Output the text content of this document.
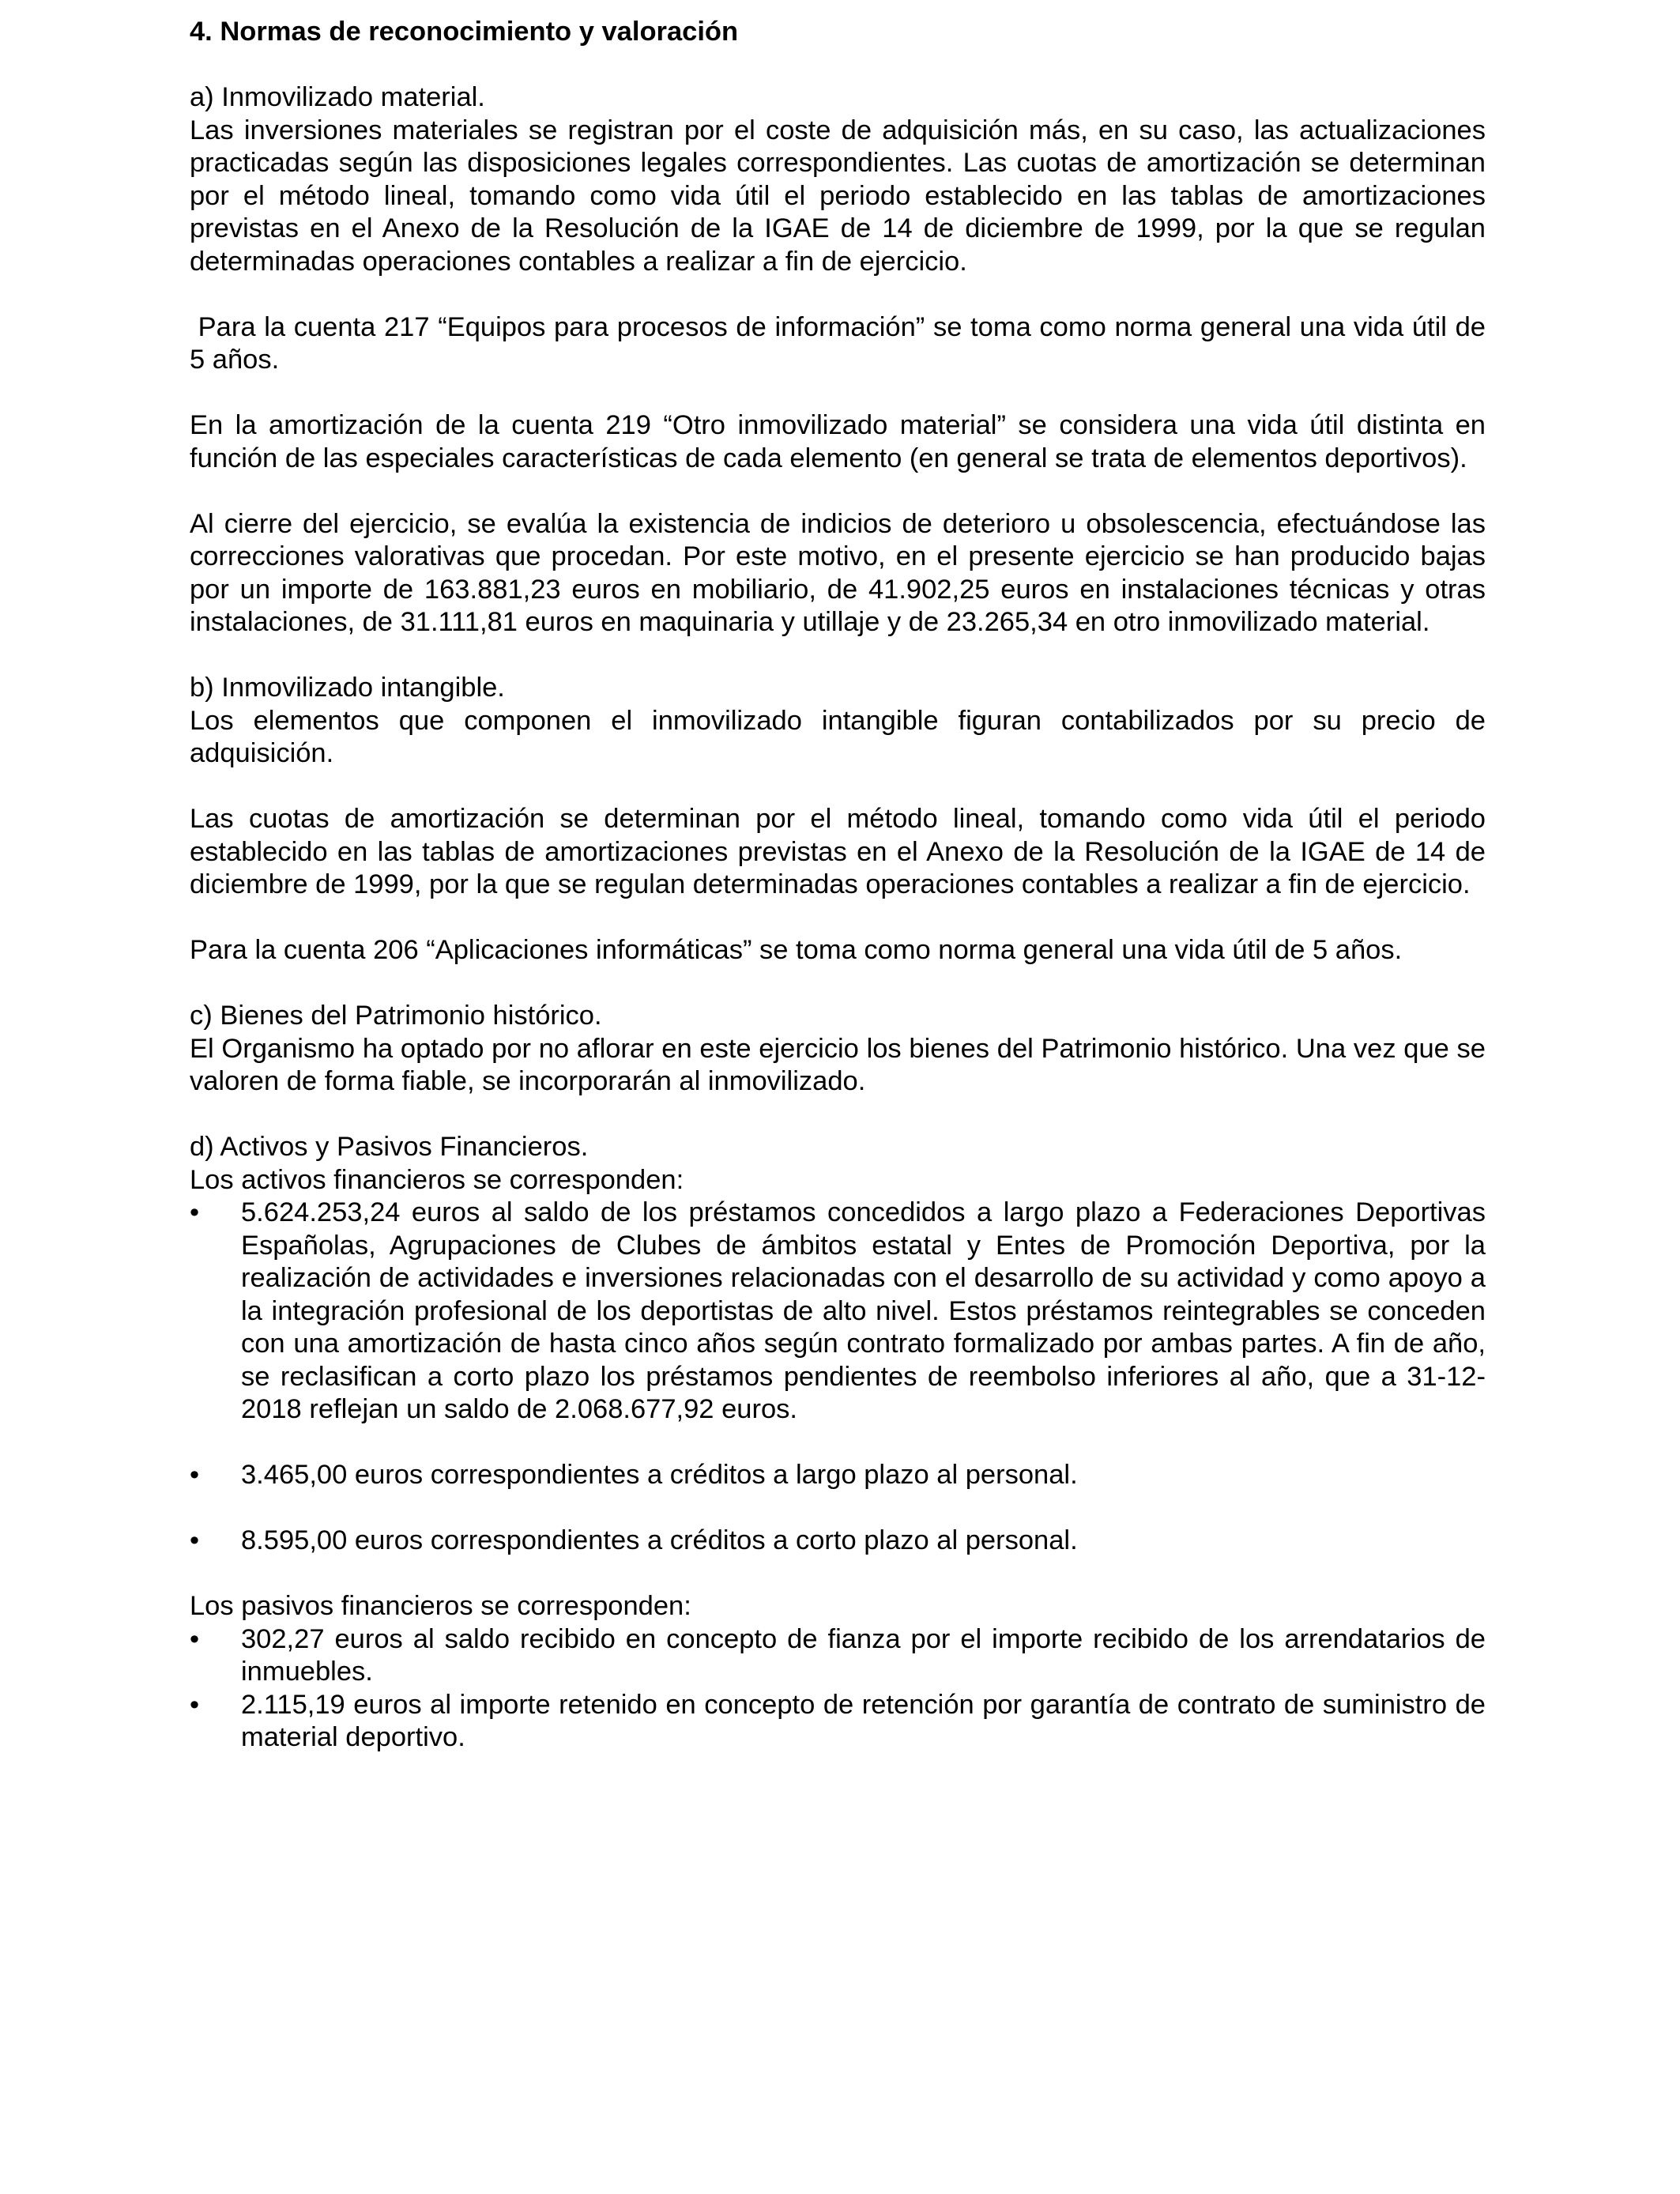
4. Normas de reconocimiento y valoración

a) Inmovilizado material.

Las inversiones materiales se registran por el coste de adquisición más, en su caso, las actualizaciones practicadas según las disposiciones legales correspondientes. Las cuotas de amortización se determinan por el método lineal, tomando como vida útil el periodo establecido en las tablas de amortizaciones previstas en el Anexo de la Resolución de la IGAE de 14 de diciembre de 1999, por la que se regulan determinadas operaciones contables a realizar a fin de ejercicio.

Para la cuenta 217 “Equipos para procesos de información” se toma como norma general una vida útil de 5 años.

En la amortización de la cuenta 219 “Otro inmovilizado material” se considera una vida útil distinta en función de las especiales características de cada elemento (en general se trata de elementos deportivos).

Al cierre del ejercicio, se evalúa la existencia de indicios de deterioro u obsolescencia, efectuándose las correcciones valorativas que procedan. Por este motivo, en el presente ejercicio se han producido bajas por un importe de 163.881,23 euros en mobiliario, de 41.902,25 euros en instalaciones técnicas y otras instalaciones, de 31.111,81 euros en maquinaria y utillaje y de 23.265,34 en otro inmovilizado material.

b) Inmovilizado intangible.

Los elementos que componen el inmovilizado intangible figuran contabilizados por su precio de adquisición.

Las cuotas de amortización se determinan por el método lineal, tomando como vida útil el periodo establecido en las tablas de amortizaciones previstas en el Anexo de la Resolución de la IGAE de 14 de diciembre de 1999, por la que se regulan determinadas operaciones contables a realizar a fin de ejercicio.

Para la cuenta 206 “Aplicaciones informáticas” se toma como norma general una vida útil de 5 años.

c) Bienes del Patrimonio histórico.

El Organismo ha optado por no aflorar en este ejercicio los bienes del Patrimonio histórico. Una vez que se valoren de forma fiable, se incorporarán al inmovilizado.

d) Activos y Pasivos Financieros.

Los activos financieros se corresponden:

• 5.624.253,24 euros al saldo de los préstamos concedidos a largo plazo a Federaciones Deportivas Españolas, Agrupaciones de Clubes de ámbitos estatal y Entes de Promoción Deportiva, por la realización de actividades e inversiones relacionadas con el desarrollo de su actividad y como apoyo a la integración profesional de los deportistas de alto nivel. Estos préstamos reintegrables se conceden con una amortización de hasta cinco años según contrato formalizado por ambas partes. A fin de año, se reclasifican a corto plazo los préstamos pendientes de reembolso inferiores al año, que a 31-12-2018 reflejan un saldo de 2.068.677,92 euros.
• 3.465,00 euros correspondientes a créditos a largo plazo al personal.
• 8.595,00 euros correspondientes a créditos a corto plazo al personal.

Los pasivos financieros se corresponden:

• 302,27 euros al saldo recibido en concepto de fianza por el importe recibido de los arrendatarios de inmuebles.
• 2.115,19 euros al importe retenido en concepto de retención por garantía de contrato de suministro de material deportivo.
